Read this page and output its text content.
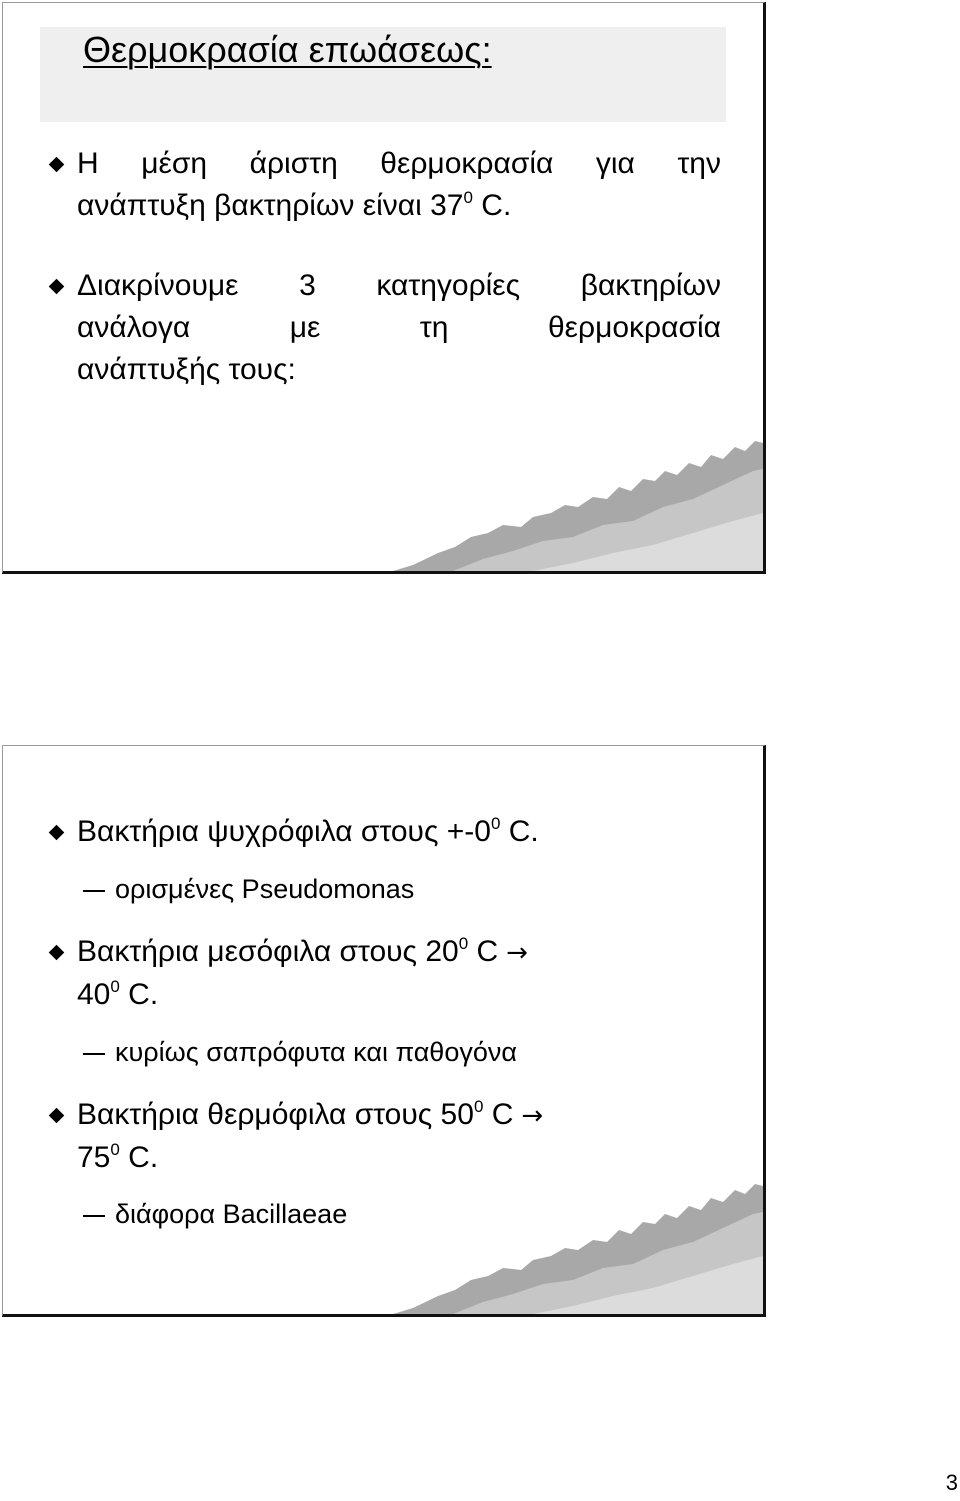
Θερμοκρασία επωάσεως:
Η μέση άριστη θερμοκρασία για την
ανάπτυξη βακτηρίων είναι $37^0$ C.
Διακρίνουμε 3 κατηγορίες βακτηρίων
ανάλογα με τη θερμοκρασία
ανάπτυξής τους:
Βακτήρια ψυχρόφιλα $\sigma\tau o\upsilon\varsigma +-0^0$ C.
ορισμένες Pseudomonas
Βακτήρια μεσόφιλα στους $20^0$ C →
$40^0$ C.
κυρίως σαπρόφυτα και παθογόνα
Βακτήρια θερμόφιλα στους $50^0$ C →
$75^0$ C.
διάφορα Bacillaeae
3
